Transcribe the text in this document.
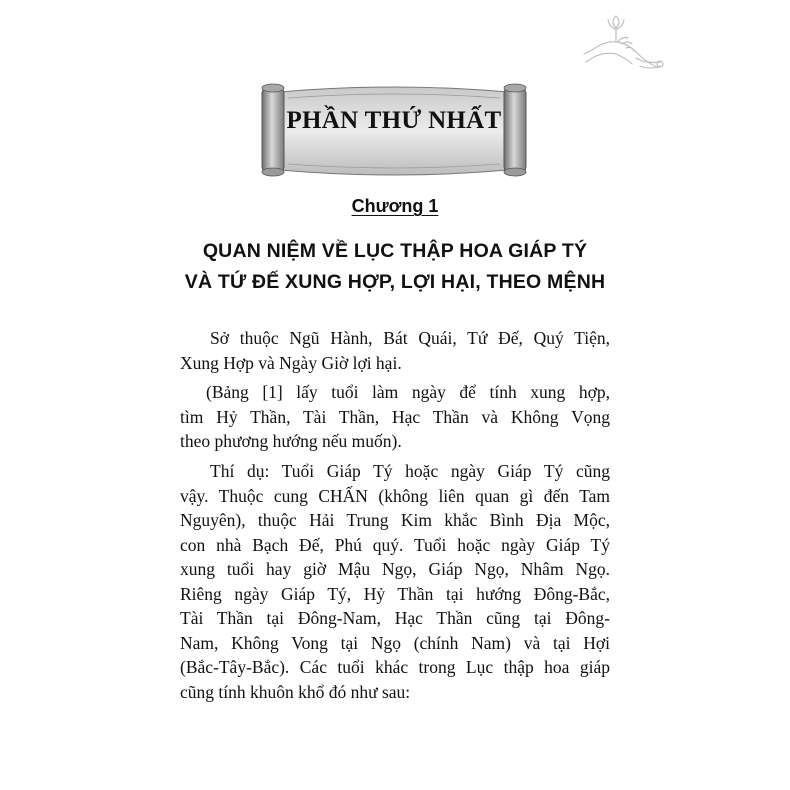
PHẦN THỨ NHẤT
Chương 1
QUAN NIỆM VỀ LỤC THẬP HOA GIÁP TÝ
VÀ TỨ ĐẾ XUNG HỢP, LỢI HẠI, THEO MỆNH
Sở thuộc Ngũ Hành, Bát Quái, Tứ Đế, Quý Tiện,
Xung Hợp và Ngày Giờ lợi hại.
(Bảng [1] lấy tuổi làm ngày để tính xung hợp,
tìm Hỷ Thần, Tài Thần, Hạc Thần và Không Vọng
theo phương hướng nếu muốn).
Thí dụ: Tuổi Giáp Tý hoặc ngày Giáp Tý cũng
vậy. Thuộc cung CHẤN (không liên quan gì đến Tam
Nguyên), thuộc Hải Trung Kim khắc Bình Địa Mộc,
con nhà Bạch Đế, Phú quý. Tuổi hoặc ngày Giáp Tý
xung tuổi hay giờ Mậu Ngọ, Giáp Ngọ, Nhâm Ngọ.
Riêng ngày Giáp Tý, Hỷ Thần tại hướng Đông-Bắc,
Tài Thần tại Đông-Nam, Hạc Thần cũng tại Đông-
Nam, Không Vong tại Ngọ (chính Nam) và tại Hợi
(Bắc-Tây-Bắc). Các tuổi khác trong Lục thập hoa giáp
cũng tính khuôn khổ đó như sau:
